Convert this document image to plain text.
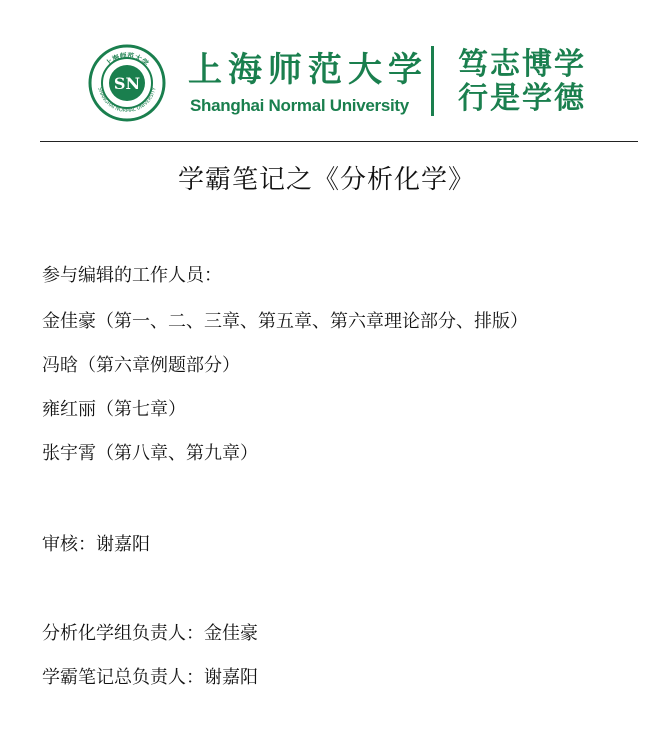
上海师范大学
SHANGHAI NORMAL UNIVERSITY
SN 上海师范大学
Shanghai Normal University
笃志博学
行是学德
学霸笔记之《分析化学》
参与编辑的工作人员：
金佳豪（第一、二、三章、第五章、第六章理论部分、排版）
冯晗（第六章例题部分）
雍红丽（第七章）
张宇霄（第八章、第九章）
审核：谢嘉阳
分析化学组负责人：金佳豪
学霸笔记总负责人：谢嘉阳
